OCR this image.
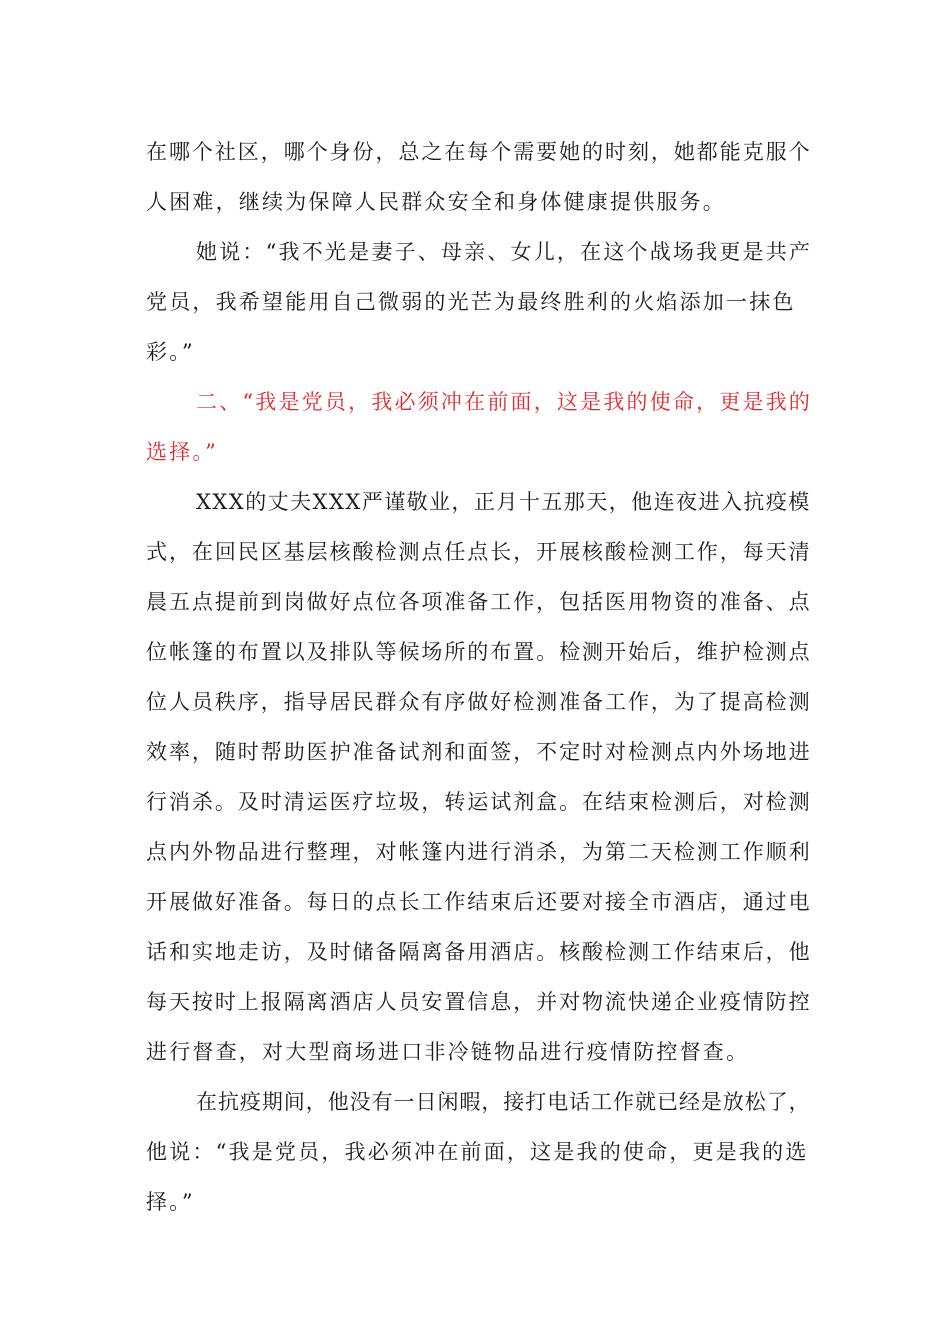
在哪个社区，哪个身份，总之在每个需要她的时刻，她都能克服个
人困难，继续为保障人民群众安全和身体健康提供服务。
她说：“我不光是妻子、母亲、女儿，在这个战场我更是共产
党员，我希望能用自己微弱的光芒为最终胜利的火焰添加一抹色
彩。”
二、“我是党员，我必须冲在前面，这是我的使命，更是我的
选择。”
XXX的丈夫XXX严谨敬业，正月十五那天，他连夜进入抗疫模
式，在回民区基层核酸检测点任点长，开展核酸检测工作，每天清
晨五点提前到岗做好点位各项准备工作，包括医用物资的准备、点
位帐篷的布置以及排队等候场所的布置。检测开始后，维护检测点
位人员秩序，指导居民群众有序做好检测准备工作，为了提高检测
效率，随时帮助医护准备试剂和面签，不定时对检测点内外场地进
行消杀。及时清运医疗垃圾，转运试剂盒。在结束检测后，对检测
点内外物品进行整理，对帐篷内进行消杀，为第二天检测工作顺利
开展做好准备。每日的点长工作结束后还要对接全市酒店，通过电
话和实地走访，及时储备隔离备用酒店。核酸检测工作结束后，他
每天按时上报隔离酒店人员安置信息，并对物流快递企业疫情防控
进行督查，对大型商场进口非冷链物品进行疫情防控督查。
在抗疫期间，他没有一日闲暇，接打电话工作就已经是放松了，
他说：“我是党员，我必须冲在前面，这是我的使命，更是我的选
择。”
